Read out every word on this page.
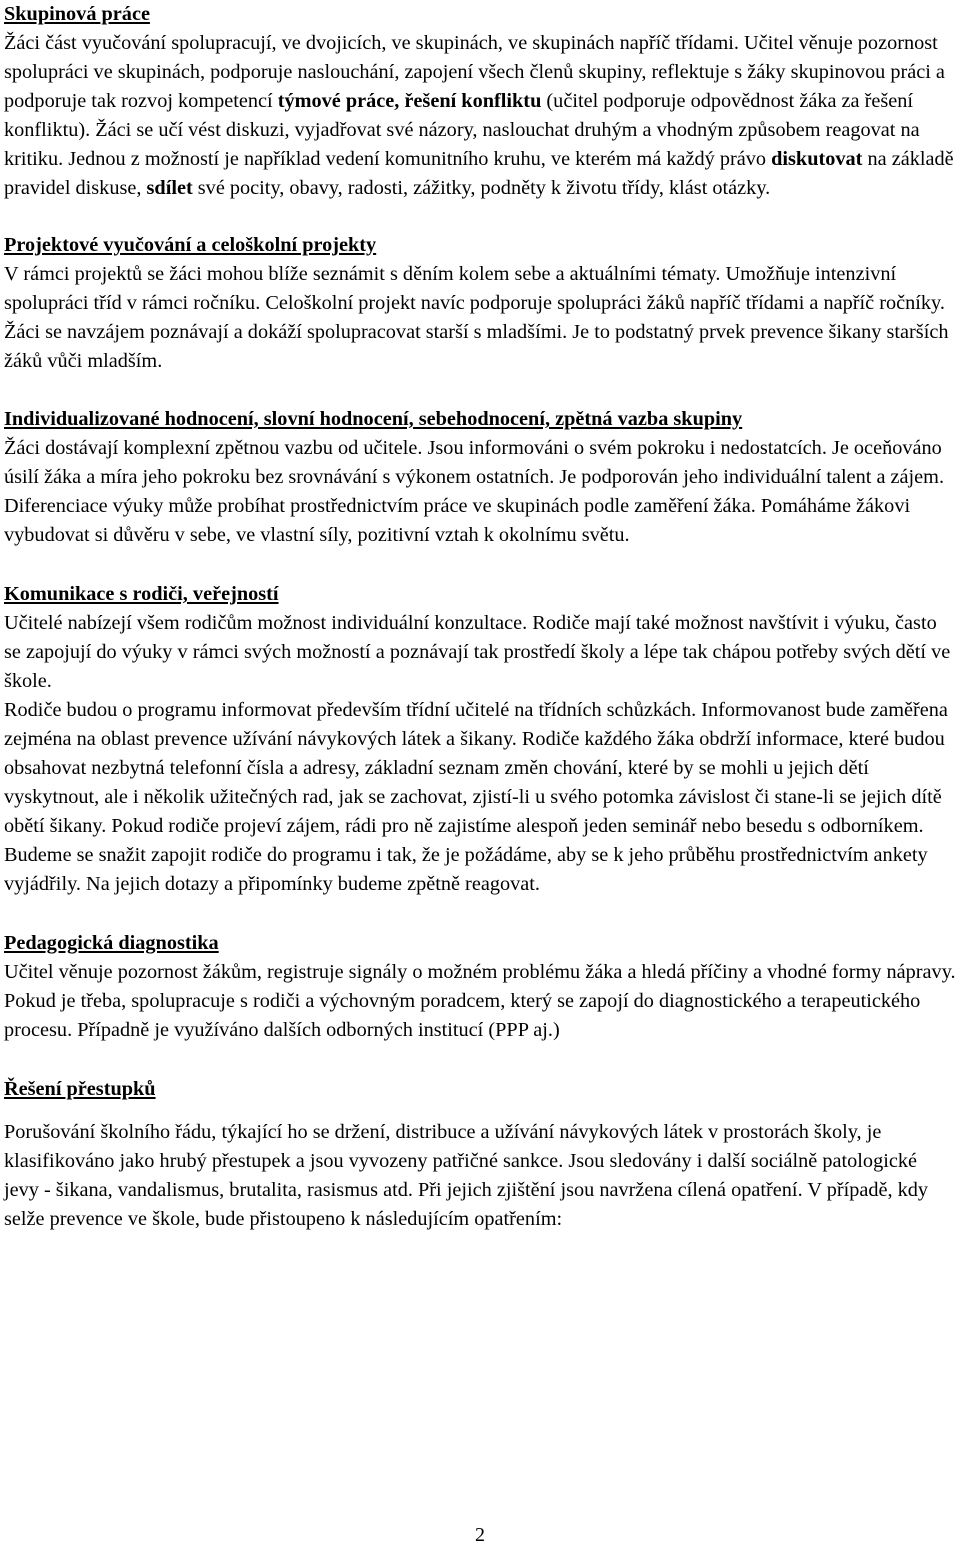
Skupinová práce

Žáci část vyučování spolupracují, ve dvojicích, ve skupinách, ve skupinách napříč třídami. Učitel věnuje pozornost spolupráci ve skupinách, podporuje naslouchání, zapojení všech členů skupiny, reflektuje s žáky skupinovou práci a podporuje tak rozvoj kompetencí týmové práce, řešení konfliktu (učitel podporuje odpovědnost žáka za řešení konfliktu). Žáci se učí vést diskuzi, vyjadřovat své názory, naslouchat druhým a vhodným způsobem reagovat na kritiku. Jednou z možností je například vedení komunitního kruhu, ve kterém má každý právo diskutovat na základě pravidel diskuse, sdílet své pocity, obavy, radosti, zážitky, podněty k životu třídy, klást otázky.

Projektové vyučování a celoškolní projekty

V rámci projektů se žáci mohou blíže seznámit s děním kolem sebe a aktuálními tématy. Umožňuje intenzivní spolupráci tříd v rámci ročníku. Celoškolní projekt navíc podporuje spolupráci žáků napříč třídami a napříč ročníky. Žáci se navzájem poznávají a dokáží spolupracovat starší s mladšími. Je to podstatný prvek prevence šikany starších žáků vůči mladším.

Individualizované hodnocení, slovní hodnocení, sebehodnocení, zpětná vazba skupiny

Žáci dostávají komplexní zpětnou vazbu od učitele. Jsou informováni o svém pokroku i nedostatcích. Je oceňováno úsilí žáka a míra jeho pokroku bez srovnávání s výkonem ostatních. Je podporován jeho individuální talent a zájem. Diferenciace výuky může probíhat prostřednictvím práce ve skupinách podle zaměření žáka. Pomáháme žákovi vybudovat si důvěru v sebe, ve vlastní síly, pozitivní vztah k okolnímu světu.

Komunikace s rodiči, veřejností

Učitelé nabízejí všem rodičům možnost individuální konzultace. Rodiče mají také možnost navštívit i výuku, často se zapojují do výuky v rámci svých možností a poznávají tak prostředí školy a lépe tak chápou potřeby svých dětí ve škole.

Rodiče budou o programu informovat především třídní učitelé na třídních schůzkách. Informovanost bude zaměřena zejména na oblast prevence užívání návykových látek a šikany. Rodiče každého žáka obdrží informace, které budou obsahovat nezbytná telefonní čísla a adresy, základní seznam změn chování, které by se mohli u jejich dětí vyskytnout, ale i několik užitečných rad, jak se zachovat, zjistí-li u svého potomka závislost či stane-li se jejich dítě obětí šikany. Pokud rodiče projeví zájem, rádi pro ně zajistíme alespoň jeden seminář nebo besedu s odborníkem. Budeme se snažit zapojit rodiče do programu i tak, že je požádáme, aby se k jeho průběhu prostřednictvím ankety vyjádřily. Na jejich dotazy a připomínky budeme zpětně reagovat.

Pedagogická diagnostika

Učitel věnuje pozornost žákům, registruje signály o možném problému žáka a hledá příčiny a vhodné formy nápravy. Pokud je třeba, spolupracuje s rodiči a výchovným poradcem, který se zapojí do diagnostického a terapeutického procesu. Případně je využíváno dalších odborných institucí (PPP aj.)

Řešení přestupků

Porušování školního řádu, týkající ho se držení, distribuce a užívání návykových látek v prostorách školy, je klasifikováno jako hrubý přestupek a jsou vyvozeny patřičné sankce. Jsou sledovány i další sociálně patologické jevy - šikana, vandalismus, brutalita, rasismus atd. Při jejich zjištění jsou navržena cílená opatření. V případě, kdy selže prevence ve škole, bude přistoupeno k následujícím opatřením:

2
